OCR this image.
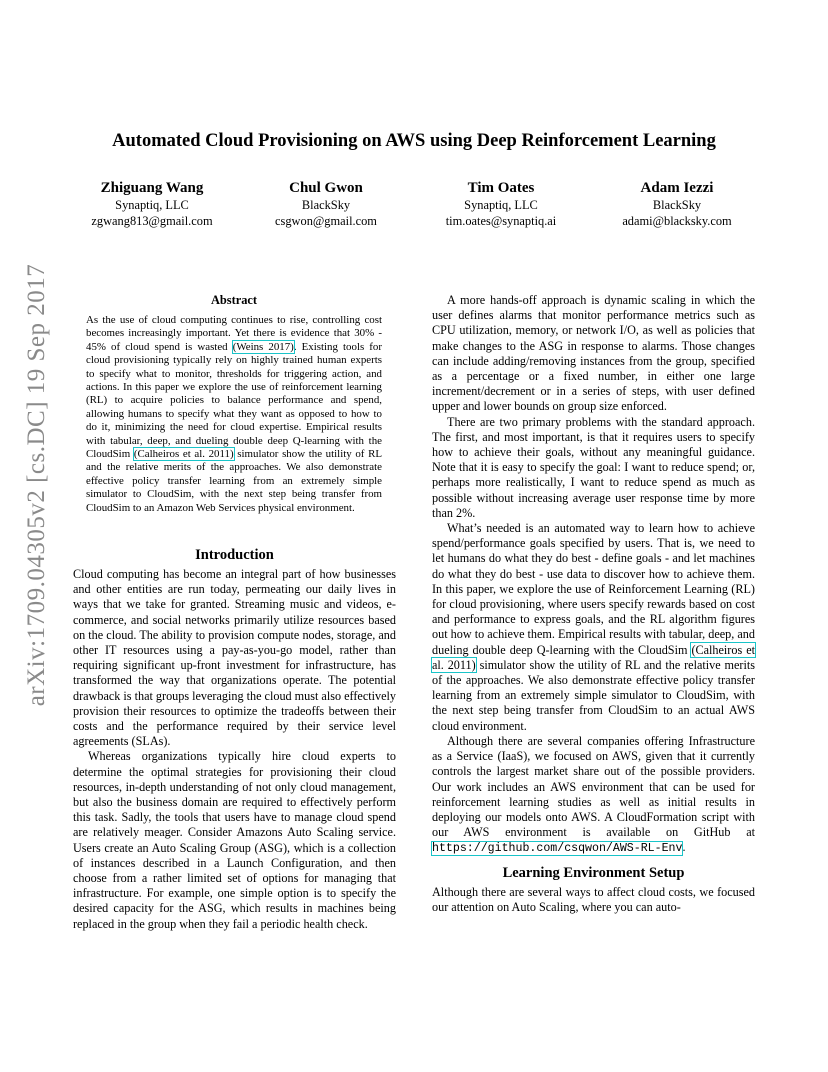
arXiv:1709.04305v2 [cs.DC] 19 Sep 2017
Automated Cloud Provisioning on AWS using Deep Reinforcement Learning
Zhiguang Wang
Synaptiq, LLC
zgwang813@gmail.com
Chul Gwon
BlackSky
csgwon@gmail.com
Tim Oates
Synaptiq, LLC
tim.oates@synaptiq.ai
Adam Iezzi
BlackSky
adami@blacksky.com
Abstract

As the use of cloud computing continues to rise, controlling cost becomes increasingly important. Yet there is evidence that 30% - 45% of cloud spend is wasted (Weins 2017). Existing tools for cloud provisioning typically rely on highly trained human experts to specify what to monitor, thresholds for triggering action, and actions. In this paper we explore the use of reinforcement learning (RL) to acquire policies to balance performance and spend, allowing humans to specify what they want as opposed to how to do it, minimizing the need for cloud expertise. Empirical results with tabular, deep, and dueling double deep Q-learning with the CloudSim (Calheiros et al. 2011) simulator show the utility of RL and the relative merits of the approaches. We also demonstrate effective policy transfer learning from an extremely simple simulator to CloudSim, with the next step being transfer from CloudSim to an Amazon Web Services physical environment.

Introduction

Cloud computing has become an integral part of how businesses and other entities are run today, permeating our daily lives in ways that we take for granted. Streaming music and videos, e-commerce, and social networks primarily utilize resources based on the cloud. The ability to provision compute nodes, storage, and other IT resources using a pay-as-you-go model, rather than requiring significant up-front investment for infrastructure, has transformed the way that organizations operate. The potential drawback is that groups leveraging the cloud must also effectively provision their resources to optimize the tradeoffs between their costs and the performance required by their service level agreements (SLAs).

Whereas organizations typically hire cloud experts to determine the optimal strategies for provisioning their cloud resources, in-depth understanding of not only cloud management, but also the business domain are required to effectively perform this task. Sadly, the tools that users have to manage cloud spend are relatively meager. Consider Amazons Auto Scaling service. Users create an Auto Scaling Group (ASG), which is a collection of instances described in a Launch Configuration, and then choose from a rather limited set of options for managing that infrastructure. For example, one simple option is to specify the desired capacity for the ASG, which results in machines being replaced in the group when they fail a periodic health check.

A more hands-off approach is dynamic scaling in which the user defines alarms that monitor performance metrics such as CPU utilization, memory, or network I/O, as well as policies that make changes to the ASG in response to alarms. Those changes can include adding/removing instances from the group, specified as a percentage or a fixed number, in either one large increment/decrement or in a series of steps, with user defined upper and lower bounds on group size enforced.

There are two primary problems with the standard approach. The first, and most important, is that it requires users to specify how to achieve their goals, without any meaningful guidance. Note that it is easy to specify the goal: I want to reduce spend; or, perhaps more realistically, I want to reduce spend as much as possible without increasing average user response time by more than 2%.

What’s needed is an automated way to learn how to achieve spend/performance goals specified by users. That is, we need to let humans do what they do best - define goals - and let machines do what they do best - use data to discover how to achieve them. In this paper, we explore the use of Reinforcement Learning (RL) for cloud provisioning, where users specify rewards based on cost and performance to express goals, and the RL algorithm figures out how to achieve them. Empirical results with tabular, deep, and dueling double deep Q-learning with the CloudSim (Calheiros et al. 2011) simulator show the utility of RL and the relative merits of the approaches. We also demonstrate effective policy transfer learning from an extremely simple simulator to CloudSim, with the next step being transfer from CloudSim to an actual AWS cloud environment.

Although there are several companies offering Infrastructure as a Service (IaaS), we focused on AWS, given that it currently controls the largest market share out of the possible providers. Our work includes an AWS environment that can be used for reinforcement learning studies as well as initial results in deploying our models onto AWS. A CloudFormation script with our AWS environment is available on GitHub at https://github.com/csqwon/AWS-RL-Env.

Learning Environment Setup

Although there are several ways to affect cloud costs, we focused our attention on Auto Scaling, where you can auto-
